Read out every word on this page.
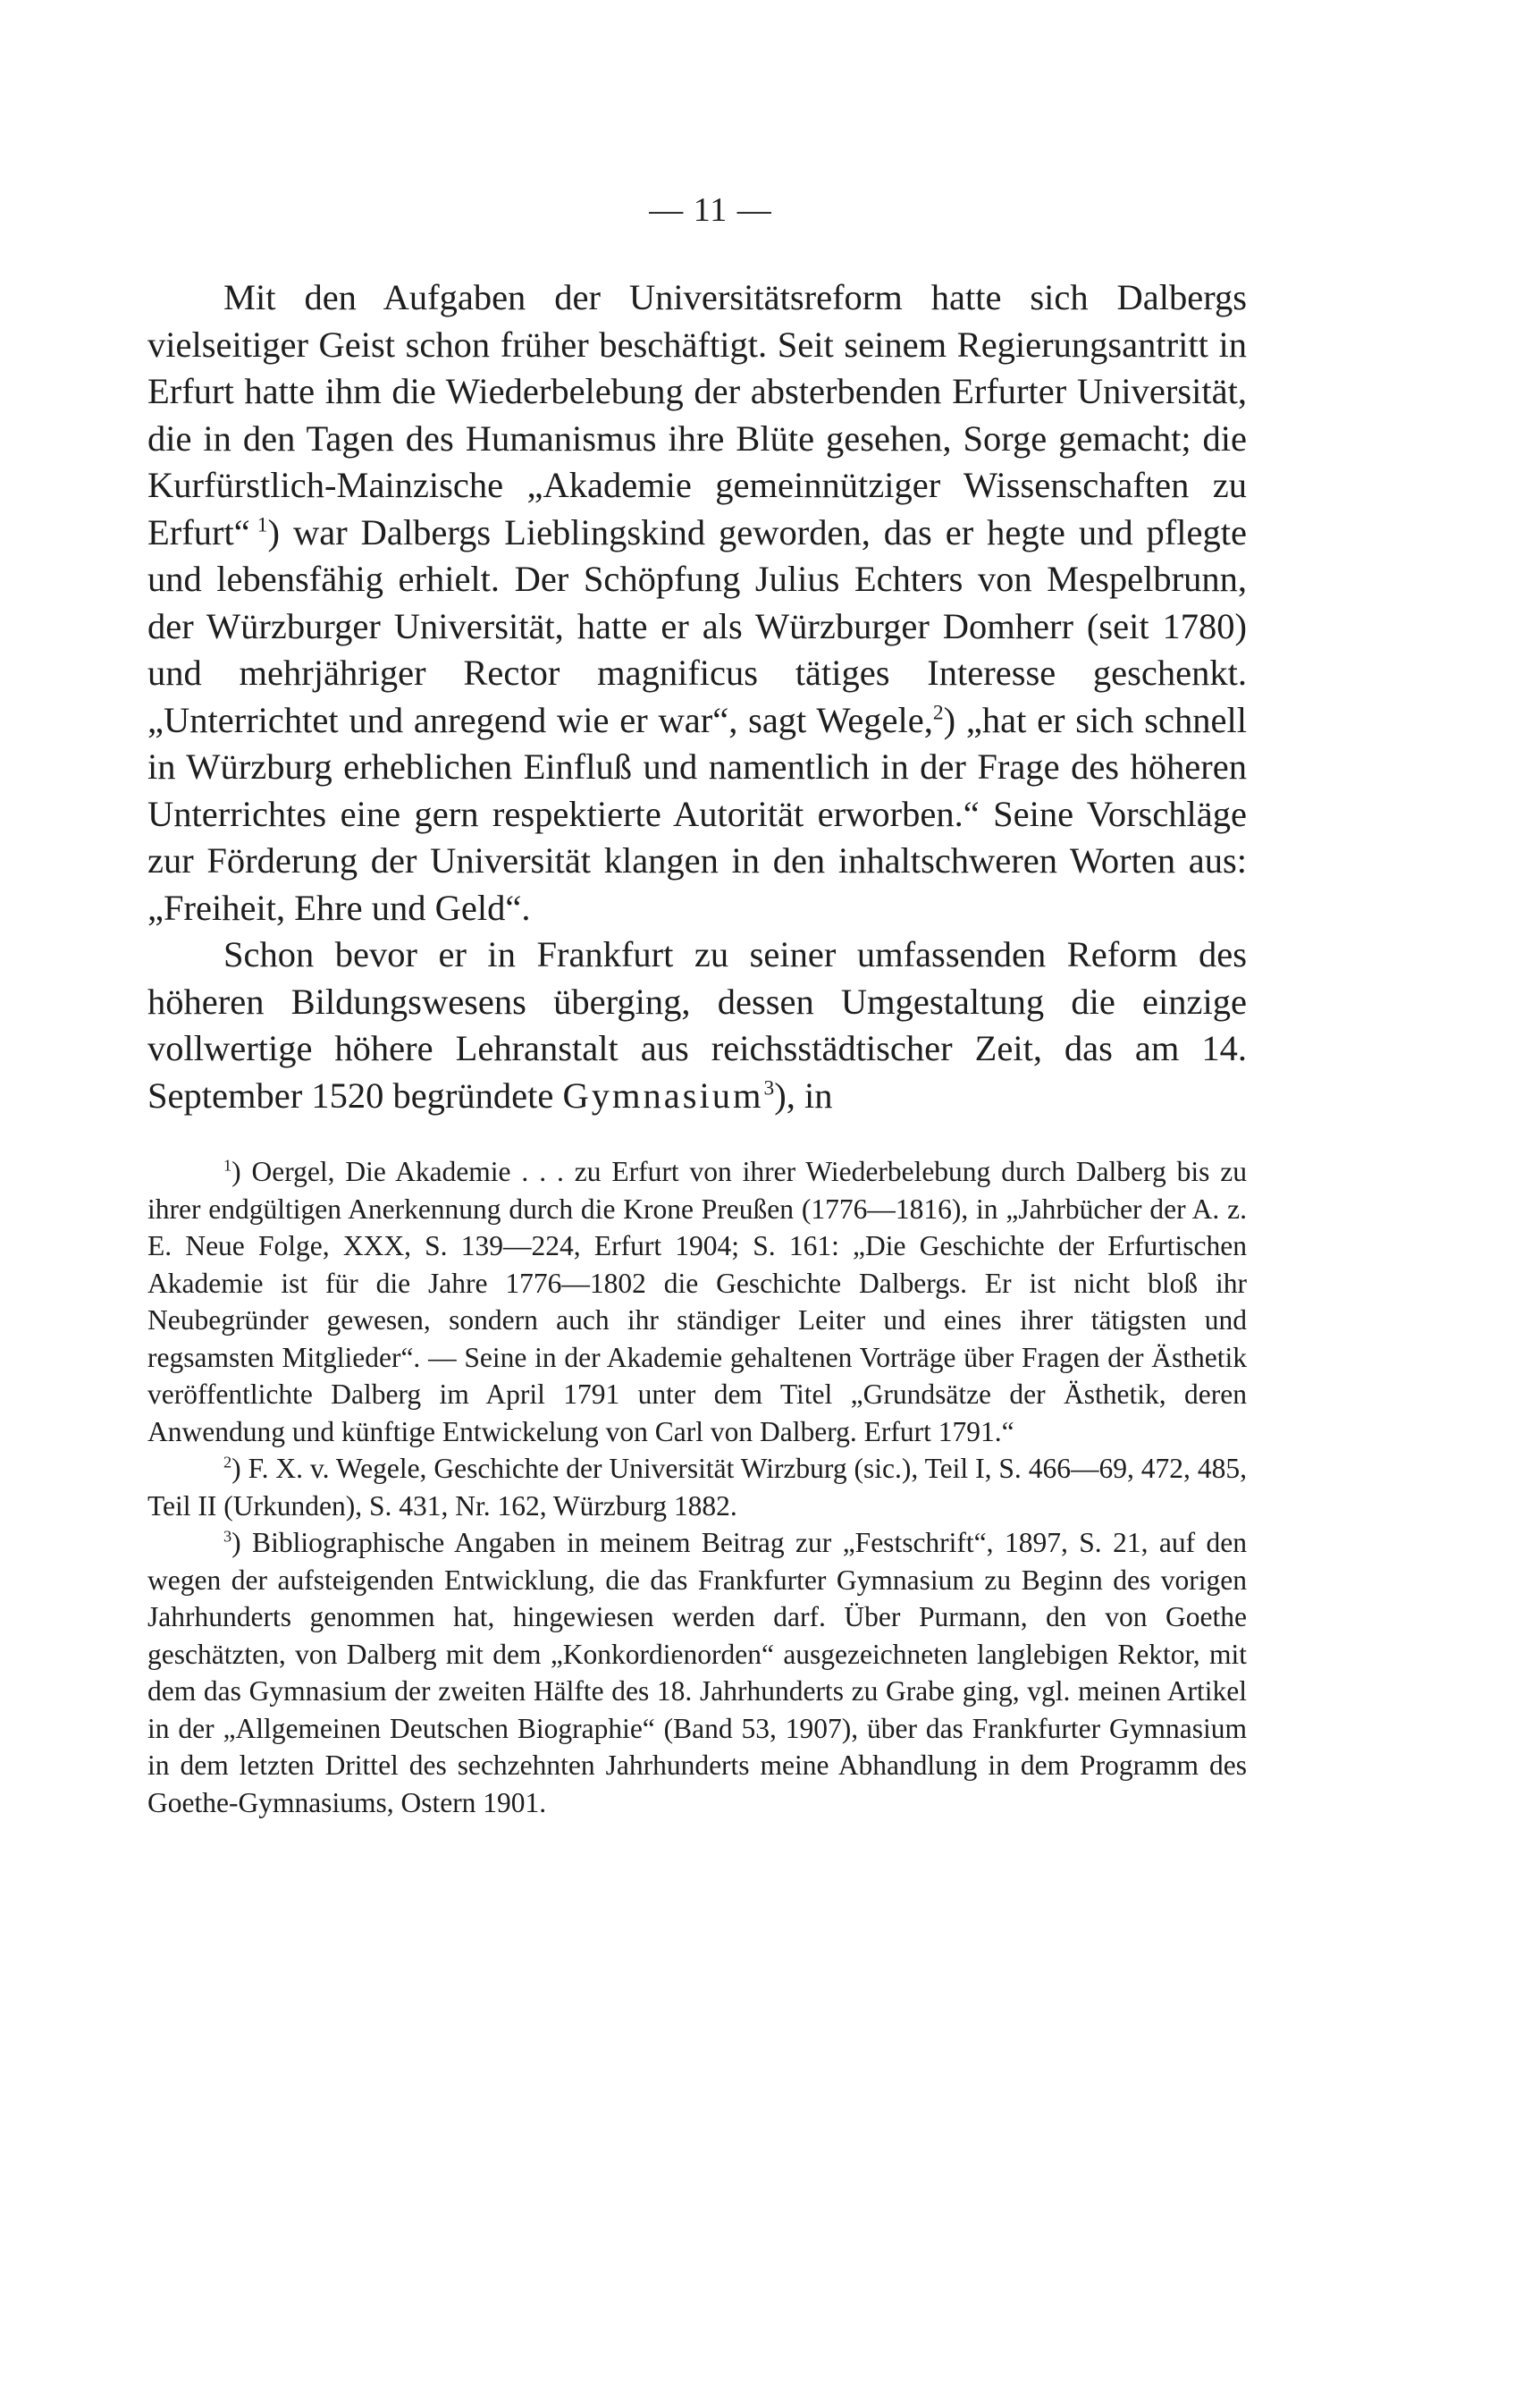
— 11 —

Mit den Aufgaben der Universitätsreform hatte sich Dalbergs vielseitiger Geist schon früher beschäftigt. Seit seinem Regierungsantritt in Erfurt hatte ihm die Wiederbelebung der absterbenden Erfurter Universität, die in den Tagen des Humanismus ihre Blüte gesehen, Sorge gemacht; die Kurfürstlich-Mainzische „Akademie gemeinnütziger Wissenschaften zu Erfurt“  $^1$) war Dalbergs Lieblingskind geworden, das er hegte und pflegte und lebensfähig erhielt. Der Schöpfung Julius Echters von Mespelbrunn, der Würzburger Universität, hatte er als Würzburger Domherr (seit 1780) und mehrjähriger Rector magnificus tätiges Interesse geschenkt. „Unterrichtet und anregend wie er war“, sagt Wegele,$^2$) „hat er sich schnell in Würzburg erheblichen Einfluß und namentlich in der Frage des höheren Unterrichtes eine gern respektierte Autorität erworben.“ Seine Vorschläge zur Förderung der Universität klangen in den inhaltschweren Worten aus: „Freiheit, Ehre und Geld“.

Schon bevor er in Frankfurt zu seiner umfassenden Reform des höheren Bildungswesens überging, dessen Umgestaltung die einzige vollwertige höhere Lehranstalt aus reichsstädtischer Zeit, das am 14. September 1520 begründete Gymnasium$^3$), in

$^1$) Oergel, Die Akademie . . . zu Erfurt von ihrer Wiederbelebung durch Dalberg bis zu ihrer endgültigen Anerkennung durch die Krone Preußen (1776—1816), in „Jahrbücher der A. z. E. Neue Folge, XXX, S. 139—224, Erfurt 1904; S. 161: „Die Geschichte der Erfurtischen Akademie ist für die Jahre 1776—1802 die Geschichte Dalbergs. Er ist nicht bloß ihr Neubegründer gewesen, sondern auch ihr ständiger Leiter und eines ihrer tätigsten und regsamsten Mitglieder“. — Seine in der Akademie gehaltenen Vorträge über Fragen der Ästhetik veröffentlichte Dalberg im April 1791 unter dem Titel „Grundsätze der Ästhetik, deren Anwendung und künftige Entwickelung von Carl von Dalberg. Erfurt 1791.“

$^2$) F. X. v. Wegele, Geschichte der Universität Wirzburg (sic.), Teil I, S. 466—69, 472, 485, Teil II (Urkunden), S. 431, Nr. 162, Würzburg 1882.

$^3$) Bibliographische Angaben in meinem Beitrag zur „Festschrift“, 1897, S. 21, auf den wegen der aufsteigenden Entwicklung, die das Frankfurter Gymnasium zu Beginn des vorigen Jahrhunderts genommen hat, hingewiesen werden darf. Über Purmann, den von Goethe geschätzten, von Dalberg mit dem „Konkordienorden“ ausgezeichneten langlebigen Rektor, mit dem das Gymnasium der zweiten Hälfte des 18. Jahrhunderts zu Grabe ging, vgl. meinen Artikel in der „Allgemeinen Deutschen Biographie“ (Band 53, 1907), über das Frankfurter Gymnasium in dem letzten Drittel des sechzehnten Jahrhunderts meine Abhandlung in dem Programm des Goethe-Gymnasiums, Ostern 1901.
